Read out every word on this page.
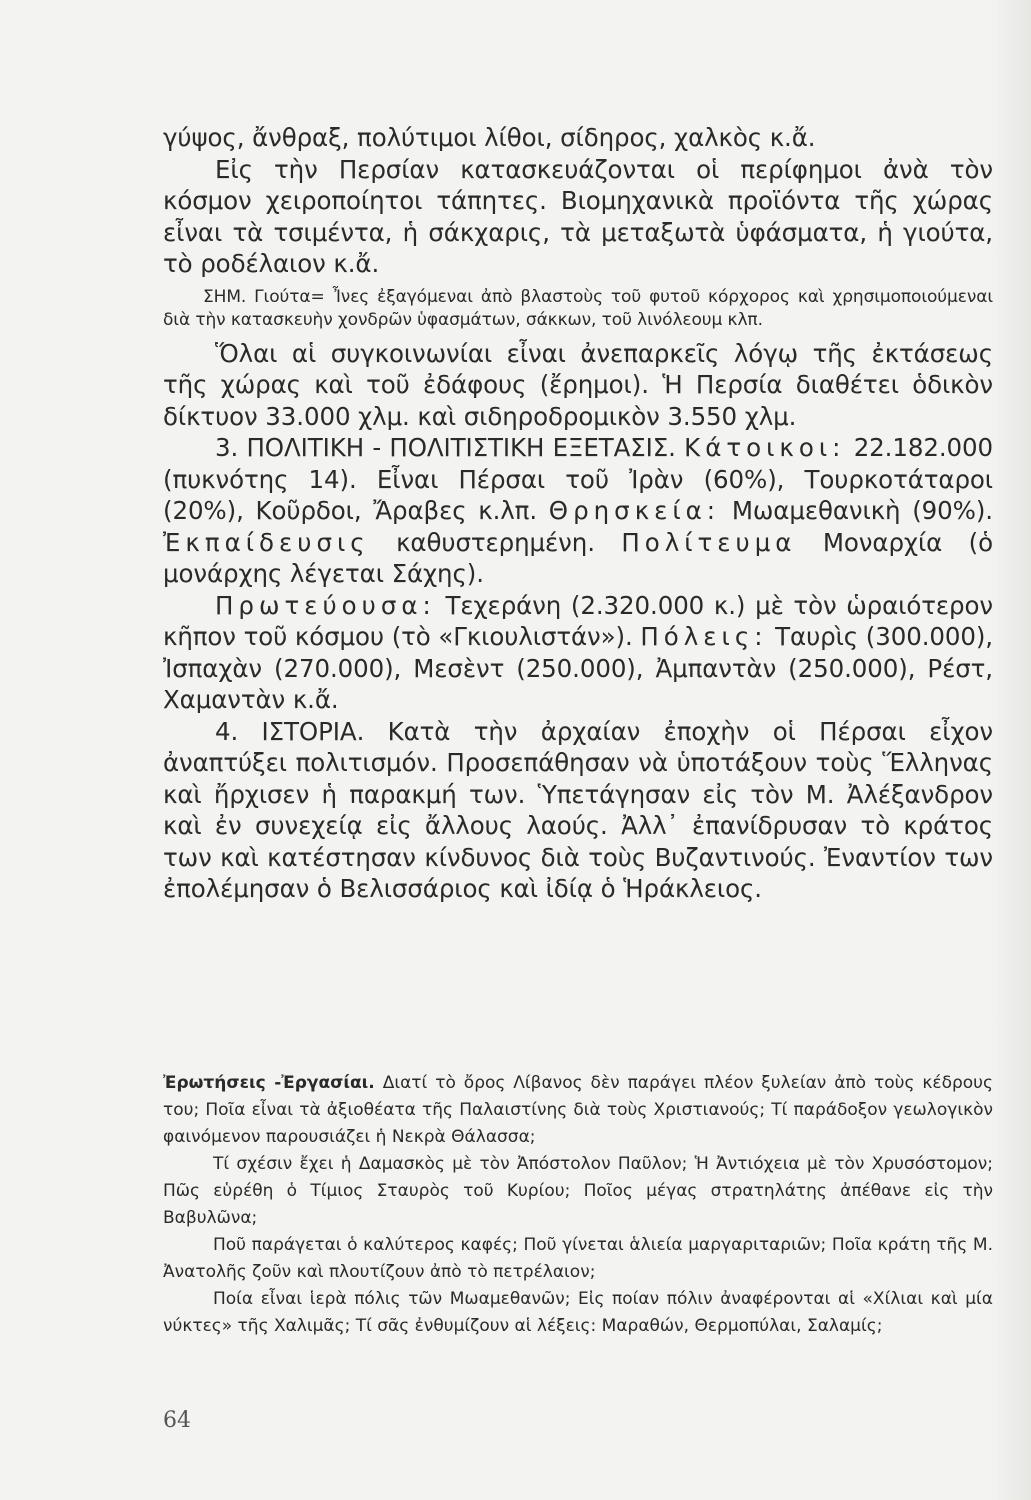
γύψος, ἄνθραξ, πολύτιμοι λίθοι, σίδηρος, χαλκὸς κ.ἄ.

Εἰς τὴν Περσίαν κατασκευάζονται οἱ περίφημοι ἀνὰ τὸν κόσμον χειροποίητοι τάπητες. Βιομηχανικὰ προϊόντα τῆς χώρας εἶναι τὰ τσιμέντα, ἡ σάκχαρις, τὰ μεταξωτὰ ὑφάσματα, ἡ γιούτα, τὸ ροδέλαιον κ.ἄ.

ΣΗΜ. Γιούτα= Ἶνες ἐξαγόμεναι ἀπὸ βλαστοὺς τοῦ φυτοῦ κόρχορος καὶ χρησιμοποιούμεναι διὰ τὴν κατασκευὴν χονδρῶν ὑφασμάτων, σάκκων, τοῦ λινόλεουμ κλπ.

Ὅλαι αἱ συγκοινωνίαι εἶναι ἀνεπαρκεῖς λόγῳ τῆς ἐκτάσεως τῆς χώρας καὶ τοῦ ἐδάφους (ἔρημοι). Ἡ Περσία διαθέτει ὁδικὸν δίκτυον 33.000 χλμ. καὶ σιδηροδρομικὸν 3.550 χλμ.

3. ΠΟΛΙΤΙΚΗ - ΠΟΛΙΤΙΣΤΙΚΗ ΕΞΕΤΑΣΙΣ. Κάτοικοι: 22.182.000 (πυκνότης 14). Εἶναι Πέρσαι τοῦ Ἰρὰν (60%), Τουρκοτάταροι (20%), Κοῦρδοι, Ἄραβες κ.λπ. Θρησκεία: Μωαμεθανικὴ (90%). Ἐκπαίδευσις καθυστερημένη. Πολίτευμα Μοναρχία (ὁ μονάρχης λέγεται Σάχης).

Πρωτεύουσα: Τεχεράνη (2.320.000 κ.) μὲ τὸν ὡραιότερον κῆπον τοῦ κόσμου (τὸ «Γκιουλιστάν»). Πόλεις: Ταυρὶς (300.000), Ἰσπαχὰν (270.000), Μεσὲντ (250.000), Ἀμπαντὰν (250.000), Ρέστ, Χαμαντὰν κ.ἄ.

4. ΙΣΤΟΡΙΑ. Κατὰ τὴν ἀρχαίαν ἐποχὴν οἱ Πέρσαι εἶχον ἀναπτύξει πολιτισμόν. Προσεπάθησαν νὰ ὑποτάξουν τοὺς Ἕλληνας καὶ ἤρχισεν ἡ παρακμή των. Ὑπετάγησαν εἰς τὸν Μ. Ἀλέξανδρον καὶ ἐν συνεχείᾳ εἰς ἄλλους λαούς. Ἀλλ᾿ ἐπανίδρυσαν τὸ κράτος των καὶ κατέστησαν κίνδυνος διὰ τοὺς Βυζαντινούς. Ἐναντίον των ἐπολέμησαν ὁ Βελισσάριος καὶ ἰδίᾳ ὁ Ἡράκλειος.

Ἐρωτήσεις -Ἐργασίαι. Διατί τὸ ὄρος Λίβανος δὲν παράγει πλέον ξυλείαν ἀπὸ τοὺς κέδρους του; Ποῖα εἶναι τὰ ἀξιοθέατα τῆς Παλαιστίνης διὰ τοὺς Χριστιανούς; Τί παράδοξον γεωλογικὸν φαινόμενον παρουσιάζει ἡ Νεκρὰ Θάλασσα;

Τί σχέσιν ἔχει ἡ Δαμασκὸς μὲ τὸν Ἀπόστολον Παῦλον; Ἡ Ἀντιόχεια μὲ τὸν Χρυσόστομον; Πῶς εὑρέθη ὁ Τίμιος Σταυρὸς τοῦ Κυρίου; Ποῖος μέγας στρατηλάτης ἀπέθανε εἰς τὴν Βαβυλῶνα;

Ποῦ παράγεται ὁ καλύτερος καφές; Ποῦ γίνεται ἁλιεία μαργαριταριῶν; Ποῖα κράτη τῆς Μ. Ἀνατολῆς ζοῦν καὶ πλουτίζουν ἀπὸ τὸ πετρέλαιον;

Ποία εἶναι ἱερὰ πόλις τῶν Μωαμεθανῶν; Εἰς ποίαν πόλιν ἀναφέρονται αἱ «Χίλιαι καὶ μία νύκτες» τῆς Χαλιμᾶς; Τί σᾶς ἐνθυμίζουν αἱ λέξεις: Μαραθών, Θερμοπύλαι, Σαλαμίς;

64
